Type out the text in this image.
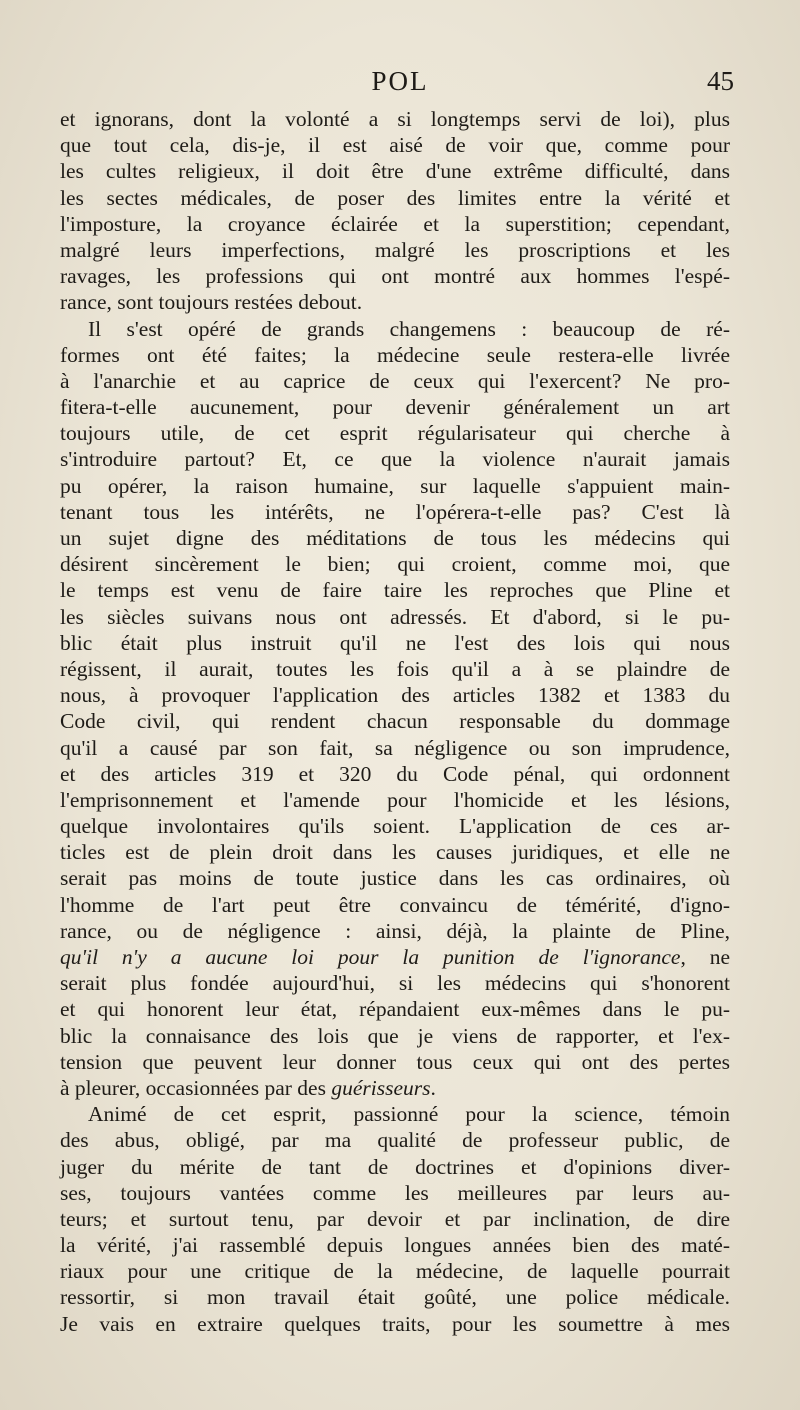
POL	45
et ignorans, dont la volonté a si longtemps servi de loi), plus
que tout cela, dis-je, il est aisé de voir que, comme pour
les cultes religieux, il doit être d'une extrême difficulté, dans
les sectes médicales, de poser des limites entre la vérité et
l'imposture, la croyance éclairée et la superstition; cependant,
malgré leurs imperfections, malgré les proscriptions et les
ravages, les professions qui ont montré aux hommes l'espé-
rance, sont toujours restées debout.
Il s'est opéré de grands changemens : beaucoup de ré-
formes ont été faites; la médecine seule restera-elle livrée
à l'anarchie et au caprice de ceux qui l'exercent? Ne pro-
fitera-t-elle aucunement, pour devenir généralement un art
toujours utile, de cet esprit régularisateur qui cherche à
s'introduire partout? Et, ce que la violence n'aurait jamais
pu opérer, la raison humaine, sur laquelle s'appuient main-
tenant tous les intérêts, ne l'opérera-t-elle pas? C'est là
un sujet digne des méditations de tous les médecins qui
désirent sincèrement le bien; qui croient, comme moi, que
le temps est venu de faire taire les reproches que Pline et
les siècles suivans nous ont adressés. Et d'abord, si le pu-
blic était plus instruit qu'il ne l'est des lois qui nous
régissent, il aurait, toutes les fois qu'il a à se plaindre de
nous, à provoquer l'application des articles 1382 et 1383 du
Code civil, qui rendent chacun responsable du dommage
qu'il a causé par son fait, sa négligence ou son imprudence,
et des articles 319 et 320 du Code pénal, qui ordonnent
l'emprisonnement et l'amende pour l'homicide et les lésions,
quelque involontaires qu'ils soient. L'application de ces ar-
ticles est de plein droit dans les causes juridiques, et elle ne
serait pas moins de toute justice dans les cas ordinaires, où
l'homme de l'art peut être convaincu de témérité, d'igno-
rance, ou de négligence : ainsi, déjà, la plainte de Pline,
qu'il n'y a aucune loi pour la punition de l'ignorance, ne
serait plus fondée aujourd'hui, si les médecins qui s'honorent
et qui honorent leur état, répandaient eux-mêmes dans le pu-
blic la connaisance des lois que je viens de rapporter, et l'ex-
tension que peuvent leur donner tous ceux qui ont des pertes
à pleurer, occasionnées par des guérisseurs.
Animé de cet esprit, passionné pour la science, témoin
des abus, obligé, par ma qualité de professeur public, de
juger du mérite de tant de doctrines et d'opinions diver-
ses, toujours vantées comme les meilleures par leurs au-
teurs; et surtout tenu, par devoir et par inclination, de dire
la vérité, j'ai rassemblé depuis longues années bien des maté-
riaux pour une critique de la médecine, de laquelle pourrait
ressortir, si mon travail était goûté, une police médicale.
Je vais en extraire quelques traits, pour les soumettre à mes
